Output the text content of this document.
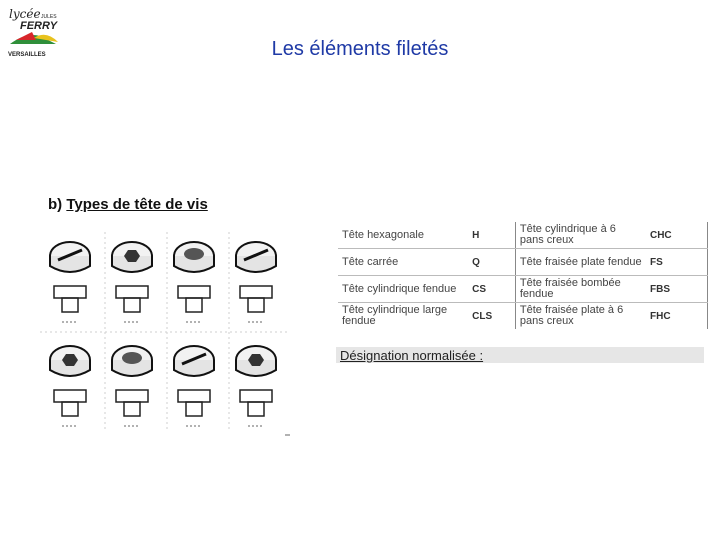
lycée JULES
FERRY
VERSAILLES	Les éléments filetés
b) Types de tête de vis
Tête hexagonale	H	Tête cylindrique à 6 pans creux	CHC
Tête carrée	Q	Tête fraisée plate fendue	FS
Tête cylindrique fendue	CS	Tête fraisée bombée fendue	FBS
Tête cylindrique large fendue	CLS	Tête fraisée plate à 6 pans creux	FHC
Désignation normalisée :
